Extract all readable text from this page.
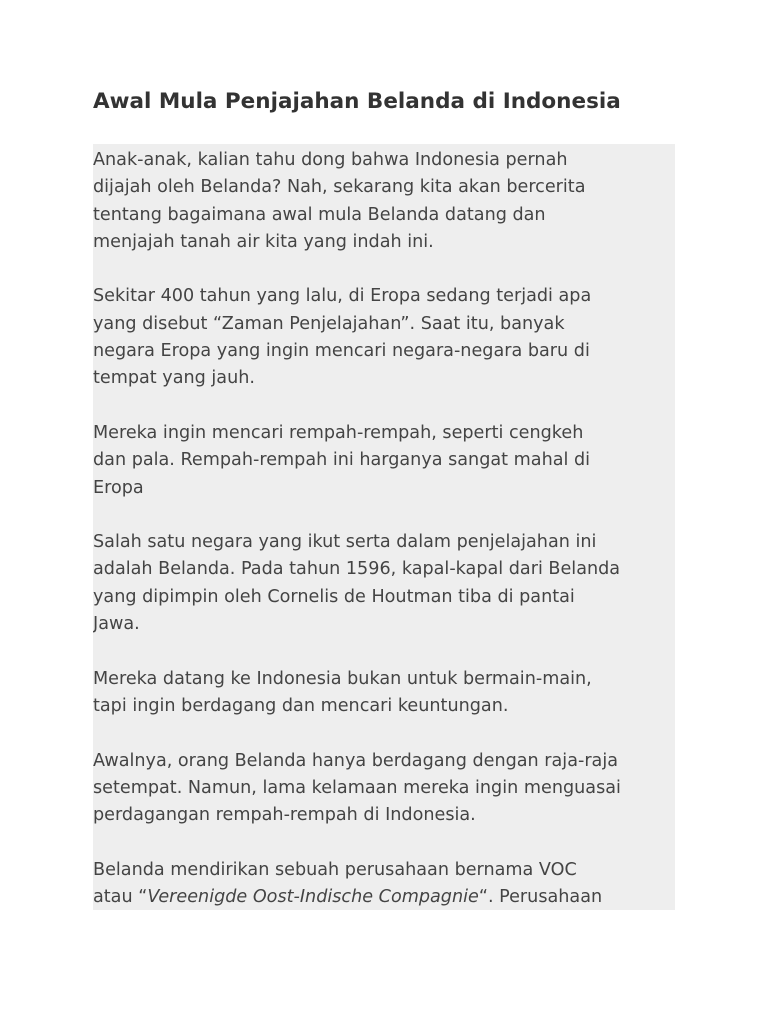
Awal Mula Penjajahan Belanda di Indonesia

Anak-anak, kalian tahu dong bahwa Indonesia pernah
dijajah oleh Belanda? Nah, sekarang kita akan bercerita
tentang bagaimana awal mula Belanda datang dan
menjajah tanah air kita yang indah ini.

Sekitar 400 tahun yang lalu, di Eropa sedang terjadi apa
yang disebut “Zaman Penjelajahan”. Saat itu, banyak
negara Eropa yang ingin mencari negara-negara baru di
tempat yang jauh.

Mereka ingin mencari rempah-rempah, seperti cengkeh
dan pala. Rempah-rempah ini harganya sangat mahal di
Eropa

Salah satu negara yang ikut serta dalam penjelajahan ini
adalah Belanda. Pada tahun 1596, kapal-kapal dari Belanda
yang dipimpin oleh Cornelis de Houtman tiba di pantai
Jawa.

Mereka datang ke Indonesia bukan untuk bermain-main,
tapi ingin berdagang dan mencari keuntungan.

Awalnya, orang Belanda hanya berdagang dengan raja-raja
setempat. Namun, lama kelamaan mereka ingin menguasai
perdagangan rempah-rempah di Indonesia.

Belanda mendirikan sebuah perusahaan bernama VOC
atau “Vereenigde Oost-Indische Compagnie“. Perusahaan
